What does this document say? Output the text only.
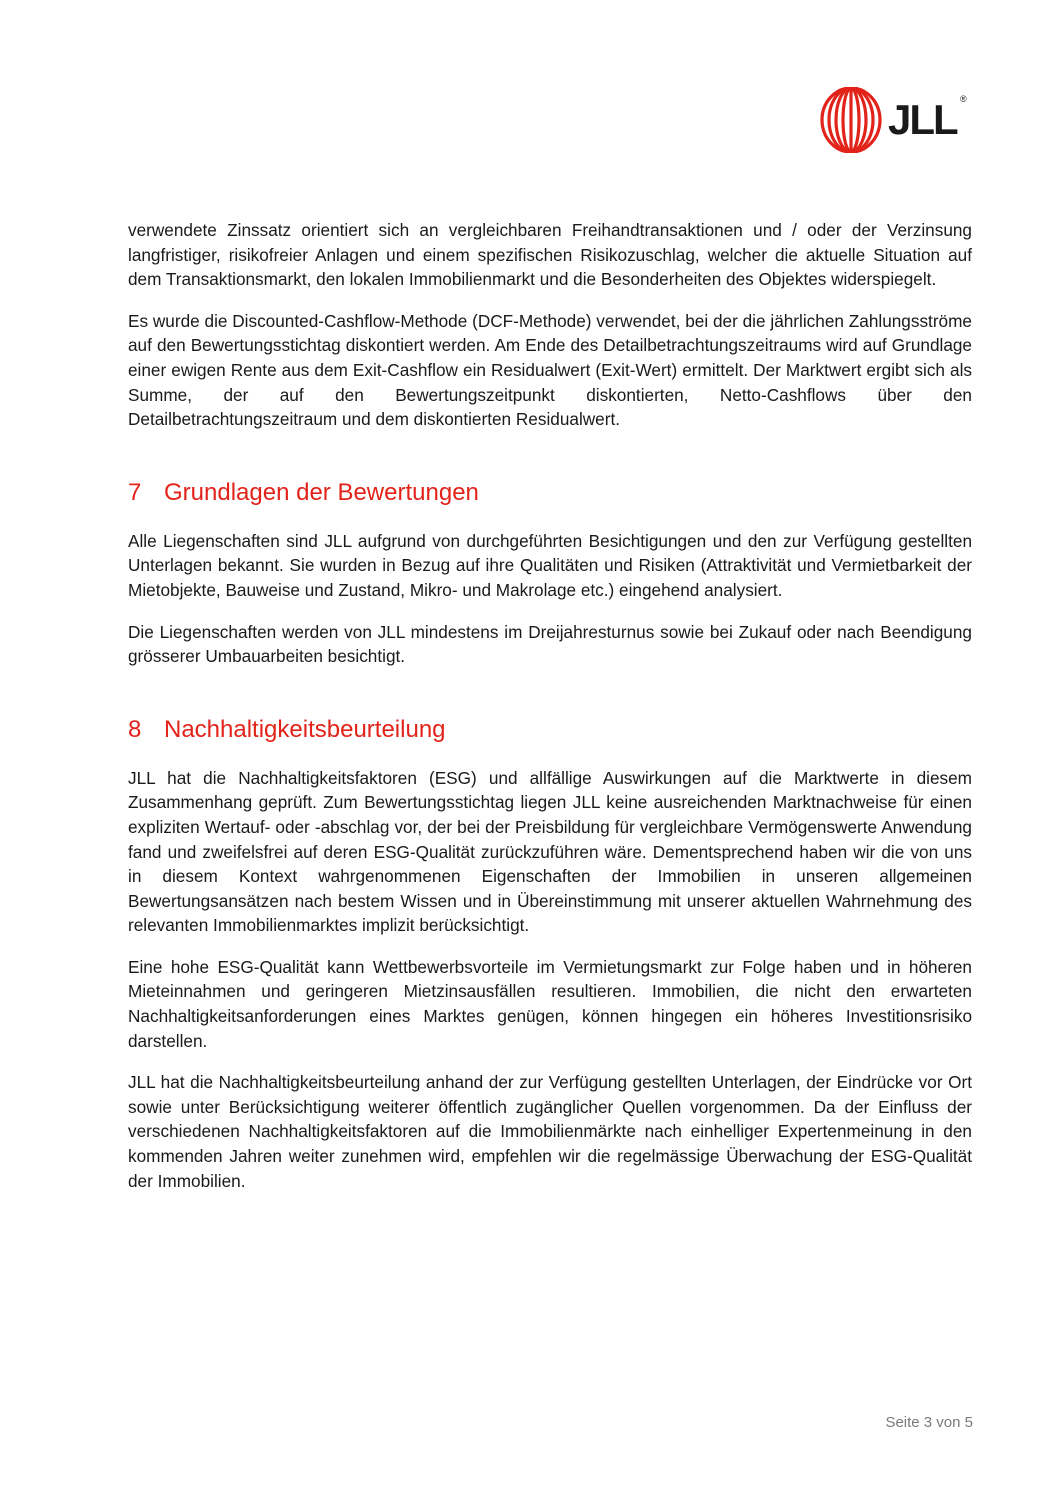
JLL ®

verwendete Zinssatz orientiert sich an vergleichbaren Freihandtransaktionen und / oder der Verzinsung langfristiger, risikofreier Anlagen und einem spezifischen Risikozuschlag, welcher die aktuelle Situation auf dem Transaktionsmarkt, den lokalen Immobilienmarkt und die Besonderheiten des Objektes widerspiegelt.

Es wurde die Discounted-Cashflow-Methode (DCF-Methode) verwendet, bei der die jährlichen Zahlungsströme auf den Bewertungsstichtag diskontiert werden. Am Ende des Detailbetrachtungszeitraums wird auf Grundlage einer ewigen Rente aus dem Exit-Cashflow ein Residualwert (Exit-Wert) ermittelt. Der Marktwert ergibt sich als Summe, der auf den Bewertungszeitpunkt diskontierten, Netto-Cashflows über den Detailbetrachtungszeitraum und dem diskontierten Residualwert.

7 Grundlagen der Bewertungen

Alle Liegenschaften sind JLL aufgrund von durchgeführten Besichtigungen und den zur Verfügung gestellten Unterlagen bekannt. Sie wurden in Bezug auf ihre Qualitäten und Risiken (Attraktivität und Vermietbarkeit der Mietobjekte, Bauweise und Zustand, Mikro- und Makrolage etc.) eingehend analysiert.

Die Liegenschaften werden von JLL mindestens im Dreijahresturnus sowie bei Zukauf oder nach Beendigung grösserer Umbauarbeiten besichtigt.

8 Nachhaltigkeitsbeurteilung

JLL hat die Nachhaltigkeitsfaktoren (ESG) und allfällige Auswirkungen auf die Marktwerte in diesem Zusammenhang geprüft. Zum Bewertungsstichtag liegen JLL keine ausreichenden Marktnachweise für einen expliziten Wertauf- oder -abschlag vor, der bei der Preisbildung für vergleichbare Vermögenswerte Anwendung fand und zweifelsfrei auf deren ESG-Qualität zurückzuführen wäre. Dementsprechend haben wir die von uns in diesem Kontext wahrgenommenen Eigenschaften der Immobilien in unseren allgemeinen Bewertungsansätzen nach bestem Wissen und in Übereinstimmung mit unserer aktuellen Wahrnehmung des relevanten Immobilienmarktes implizit berücksichtigt.

Eine hohe ESG-Qualität kann Wettbewerbsvorteile im Vermietungsmarkt zur Folge haben und in höheren Mieteinnahmen und geringeren Mietzinsausfällen resultieren. Immobilien, die nicht den erwarteten Nachhaltigkeitsanforderungen eines Marktes genügen, können hingegen ein höheres Investitionsrisiko darstellen.

JLL hat die Nachhaltigkeitsbeurteilung anhand der zur Verfügung gestellten Unterlagen, der Eindrücke vor Ort sowie unter Berücksichtigung weiterer öffentlich zugänglicher Quellen vorgenommen. Da der Einfluss der verschiedenen Nachhaltigkeitsfaktoren auf die Immobilienmärkte nach einhelliger Expertenmeinung in den kommenden Jahren weiter zunehmen wird, empfehlen wir die regelmässige Überwachung der ESG-Qualität der Immobilien.

Seite 3 von 5
